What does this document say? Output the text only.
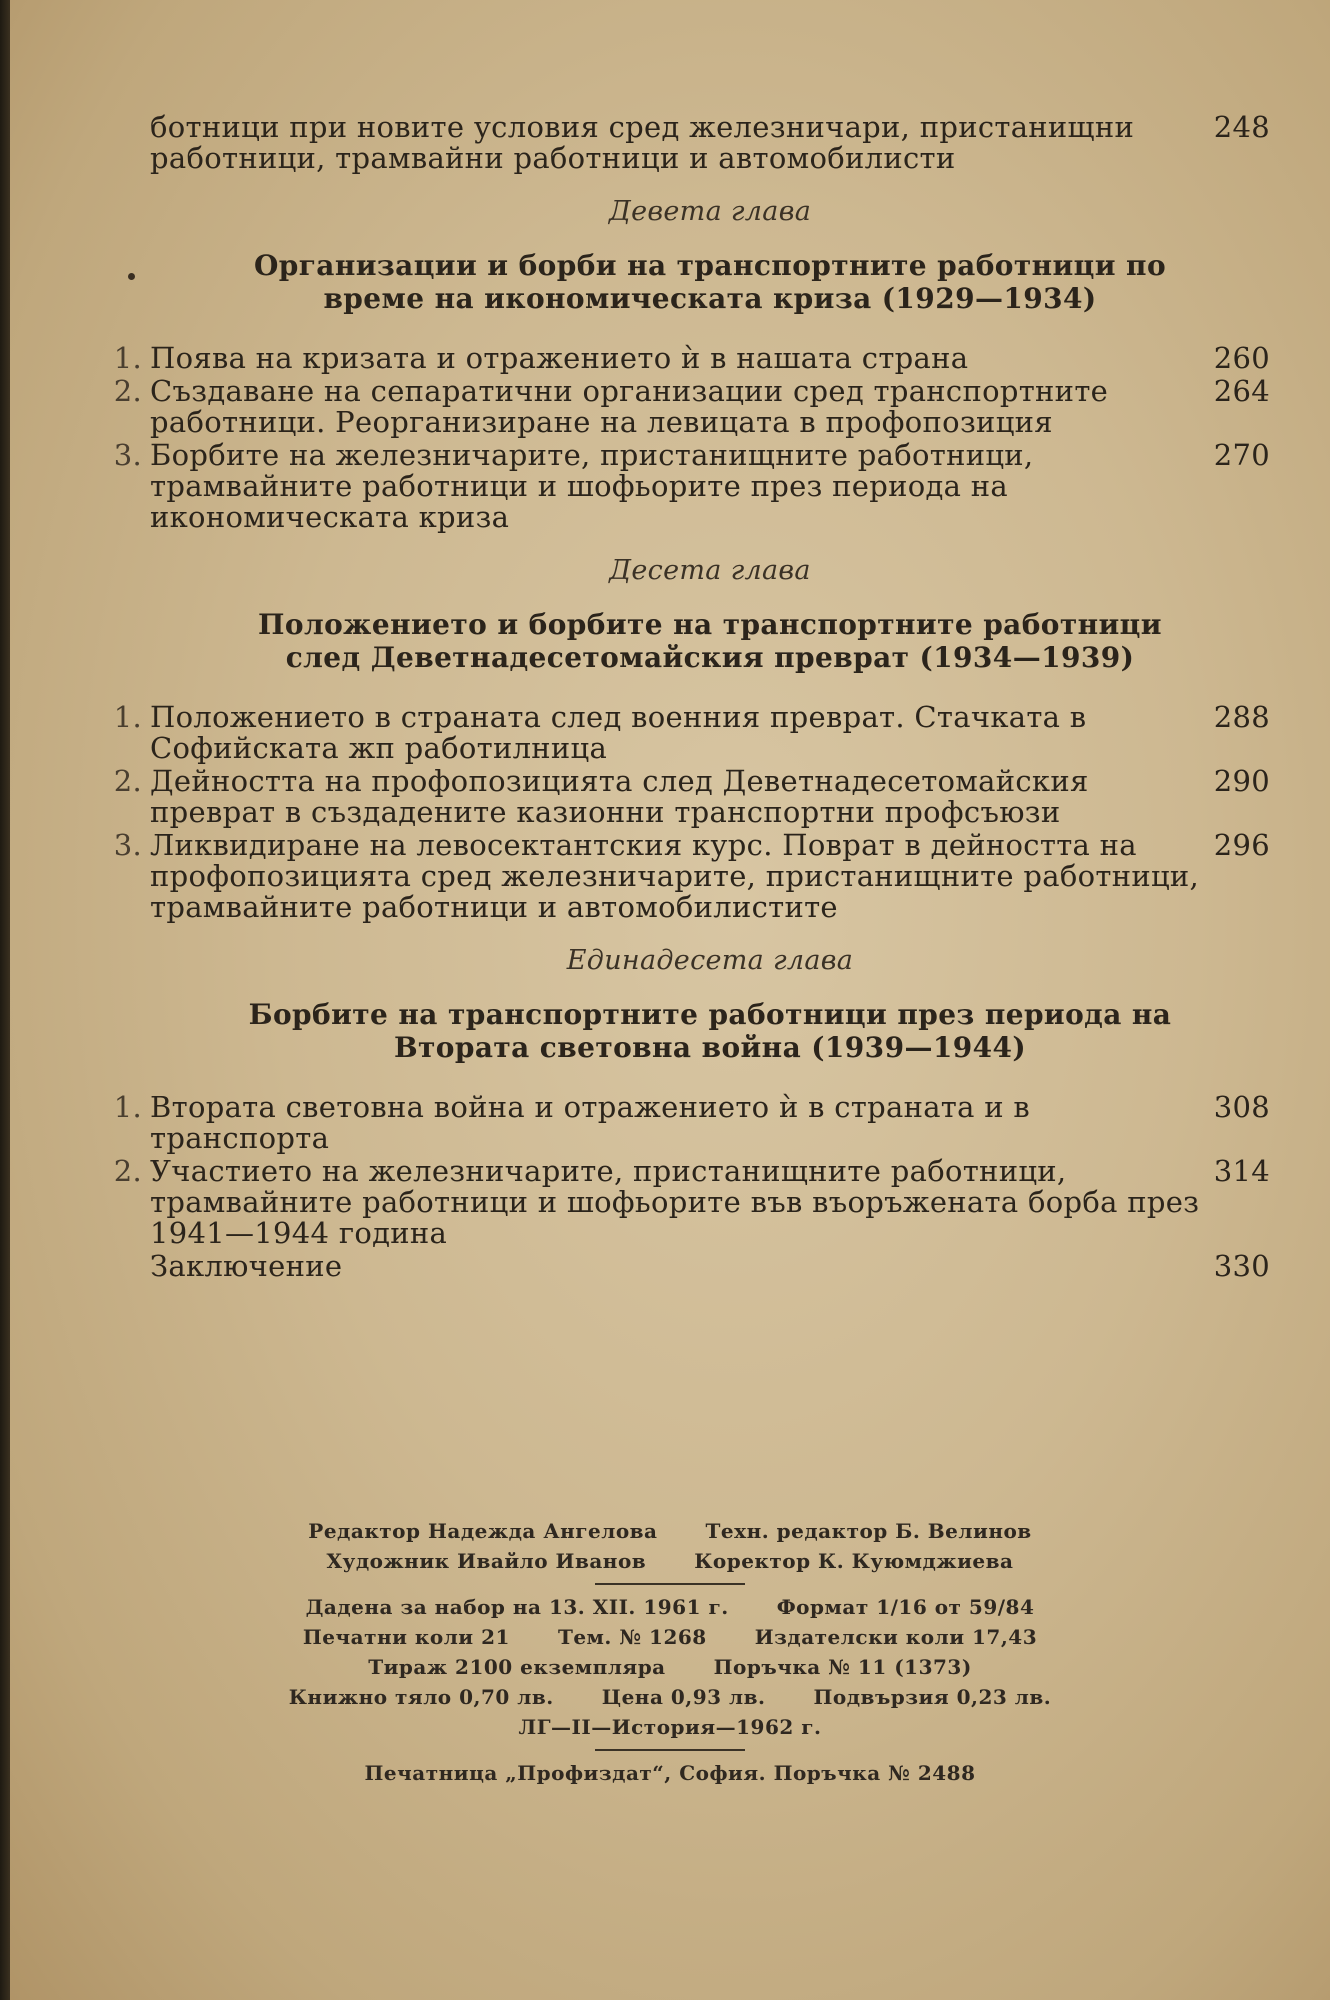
ботници при новите условия сред железничари, пристанищни работници, трамвайни работници и автомобилисти
248
Девета глава
Организации и борби на транспортните работници по време на икономическата криза (1929—1934)
1. Поява на кризата и отражението ѝ в нашата страна	260
2. Създаване на сепаратични организации сред транспортните работници. Реорганизиране на левицата в профопозиция
264
3. Борбите на железничарите, пристанищните работници, трамвайните работници и шофьорите през периода на икономическата криза
270
Десета глава
Положението и борбите на транспортните работници след Деветнадесетомайския преврат (1934—1939)
1. Положението в страната след военния преврат. Стачката в Софийската жп работилница
288
2. Дейността на профопозицията след Деветнадесетомайския преврат в създадените казионни транспортни профсъюзи
290
3. Ликвидиране на левосектантския курс. Поврат в дейността на профопозицията сред железничарите, пристанищните работници, трамвайните работници и автомобилистите
296
Единадесета глава
Борбите на транспортните работници през периода на Втората световна война (1939—1944)
1. Втората световна война и отражението ѝ в страната и в транспорта
308
2. Участието на железничарите, пристанищните работници, трамвайните работници и шофьорите във въоръжената борба през 1941—1944 година
314
Заключение	330
Редактор Надежда Ангелова Техн. редактор Б. Велинов
Художник Ивайло Иванов Коректор К. Куюмджиева
Дадена за набор на 13. XII. 1961 г. Формат 1/16 от 59/84
Печатни коли 21 Тем. № 1268 Издателски коли 17,43
Тираж 2100 екземпляра Поръчка № 11 (1373)
Книжно тяло 0,70 лв. Цена 0,93 лв. Подвързия 0,23 лв.
ЛГ—II—История—1962 г.
Печатница „Профиздат“, София. Поръчка № 2488
